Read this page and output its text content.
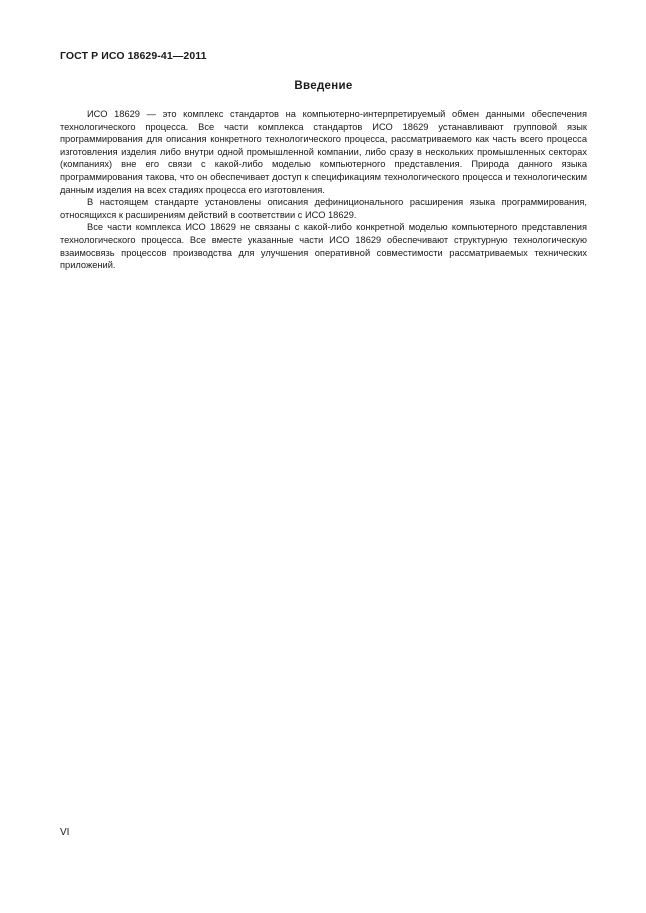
ГОСТ Р ИСО 18629-41—2011
Введение

ИСО 18629 — это комплекс стандартов на компьютерно-интерпретируемый обмен данными обеспечения технологического процесса. Все части комплекса стандартов ИСО 18629 устанавливают групповой язык программирования для описания конкретного технологического процесса, рассматриваемого как часть всего процесса изготовления изделия либо внутри одной промышленной компании, либо сразу в нескольких промышленных секторах (компаниях) вне его связи с какой-либо моделью компьютерного представления. Природа данного языка программирования такова, что он обеспечивает доступ к спецификациям технологического процесса и технологическим данным изделия на всех стадиях процесса его изготовления.

В настоящем стандарте установлены описания дефиниционального расширения языка программирования, относящихся к расширениям действий в соответствии с ИСО 18629.

Все части комплекса ИСО 18629 не связаны с какой-либо конкретной моделью компьютерного представления технологического процесса. Все вместе указанные части ИСО 18629 обеспечивают структурную технологическую взаимосвязь процессов производства для улучшения оперативной совместимости рассматриваемых технических приложений.

VI
